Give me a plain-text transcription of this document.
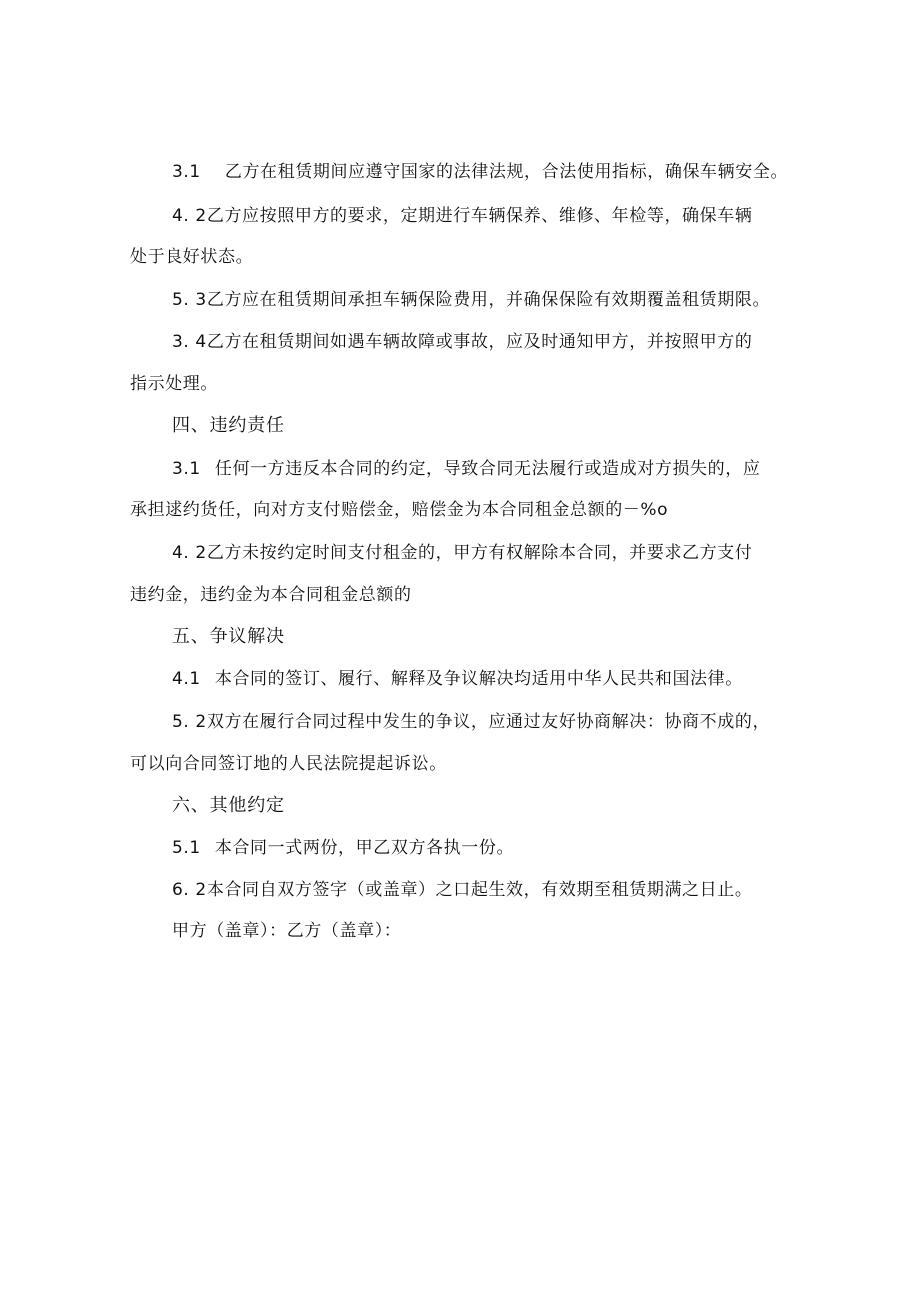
3.1 乙方在租赁期间应遵守国家的法律法规，合法使用指标，确保车辆安全。
4. 2乙方应按照甲方的要求，定期进行车辆保养、维修、年检等，确保车辆
处于良好状态。
5. 3乙方应在租赁期间承担车辆保险费用，并确保保险有效期覆盖租赁期限。
3. 4乙方在租赁期间如遇车辆故障或事故，应及时通知甲方，并按照甲方的
指示处理。
四、违约责任
3.1 任何一方违反本合同的约定，导致合同无法履行或造成对方损失的，应
承担逑约货任，向对方支付赔偿金，赔偿金为本合同租金总额的－%o
4. 2乙方未按约定时间支付租金的，甲方有权解除本合同，并要求乙方支付
违约金，违约金为本合同租金总额的
五、争议解决
4.1 本合同的签订、履行、解释及争议解决均适用中华人民共和国法律。
5. 2双方在履行合同过程中发生的争议，应通过友好协商解决：协商不成的，
可以向合同签订地的人民法院提起诉讼。
六、其他约定
5.1 本合同一式两份，甲乙双方各执一份。
6. 2本合同自双方签字（或盖章）之口起生效，有效期至租赁期满之日止。
甲方（盖章）：乙方（盖章）：
